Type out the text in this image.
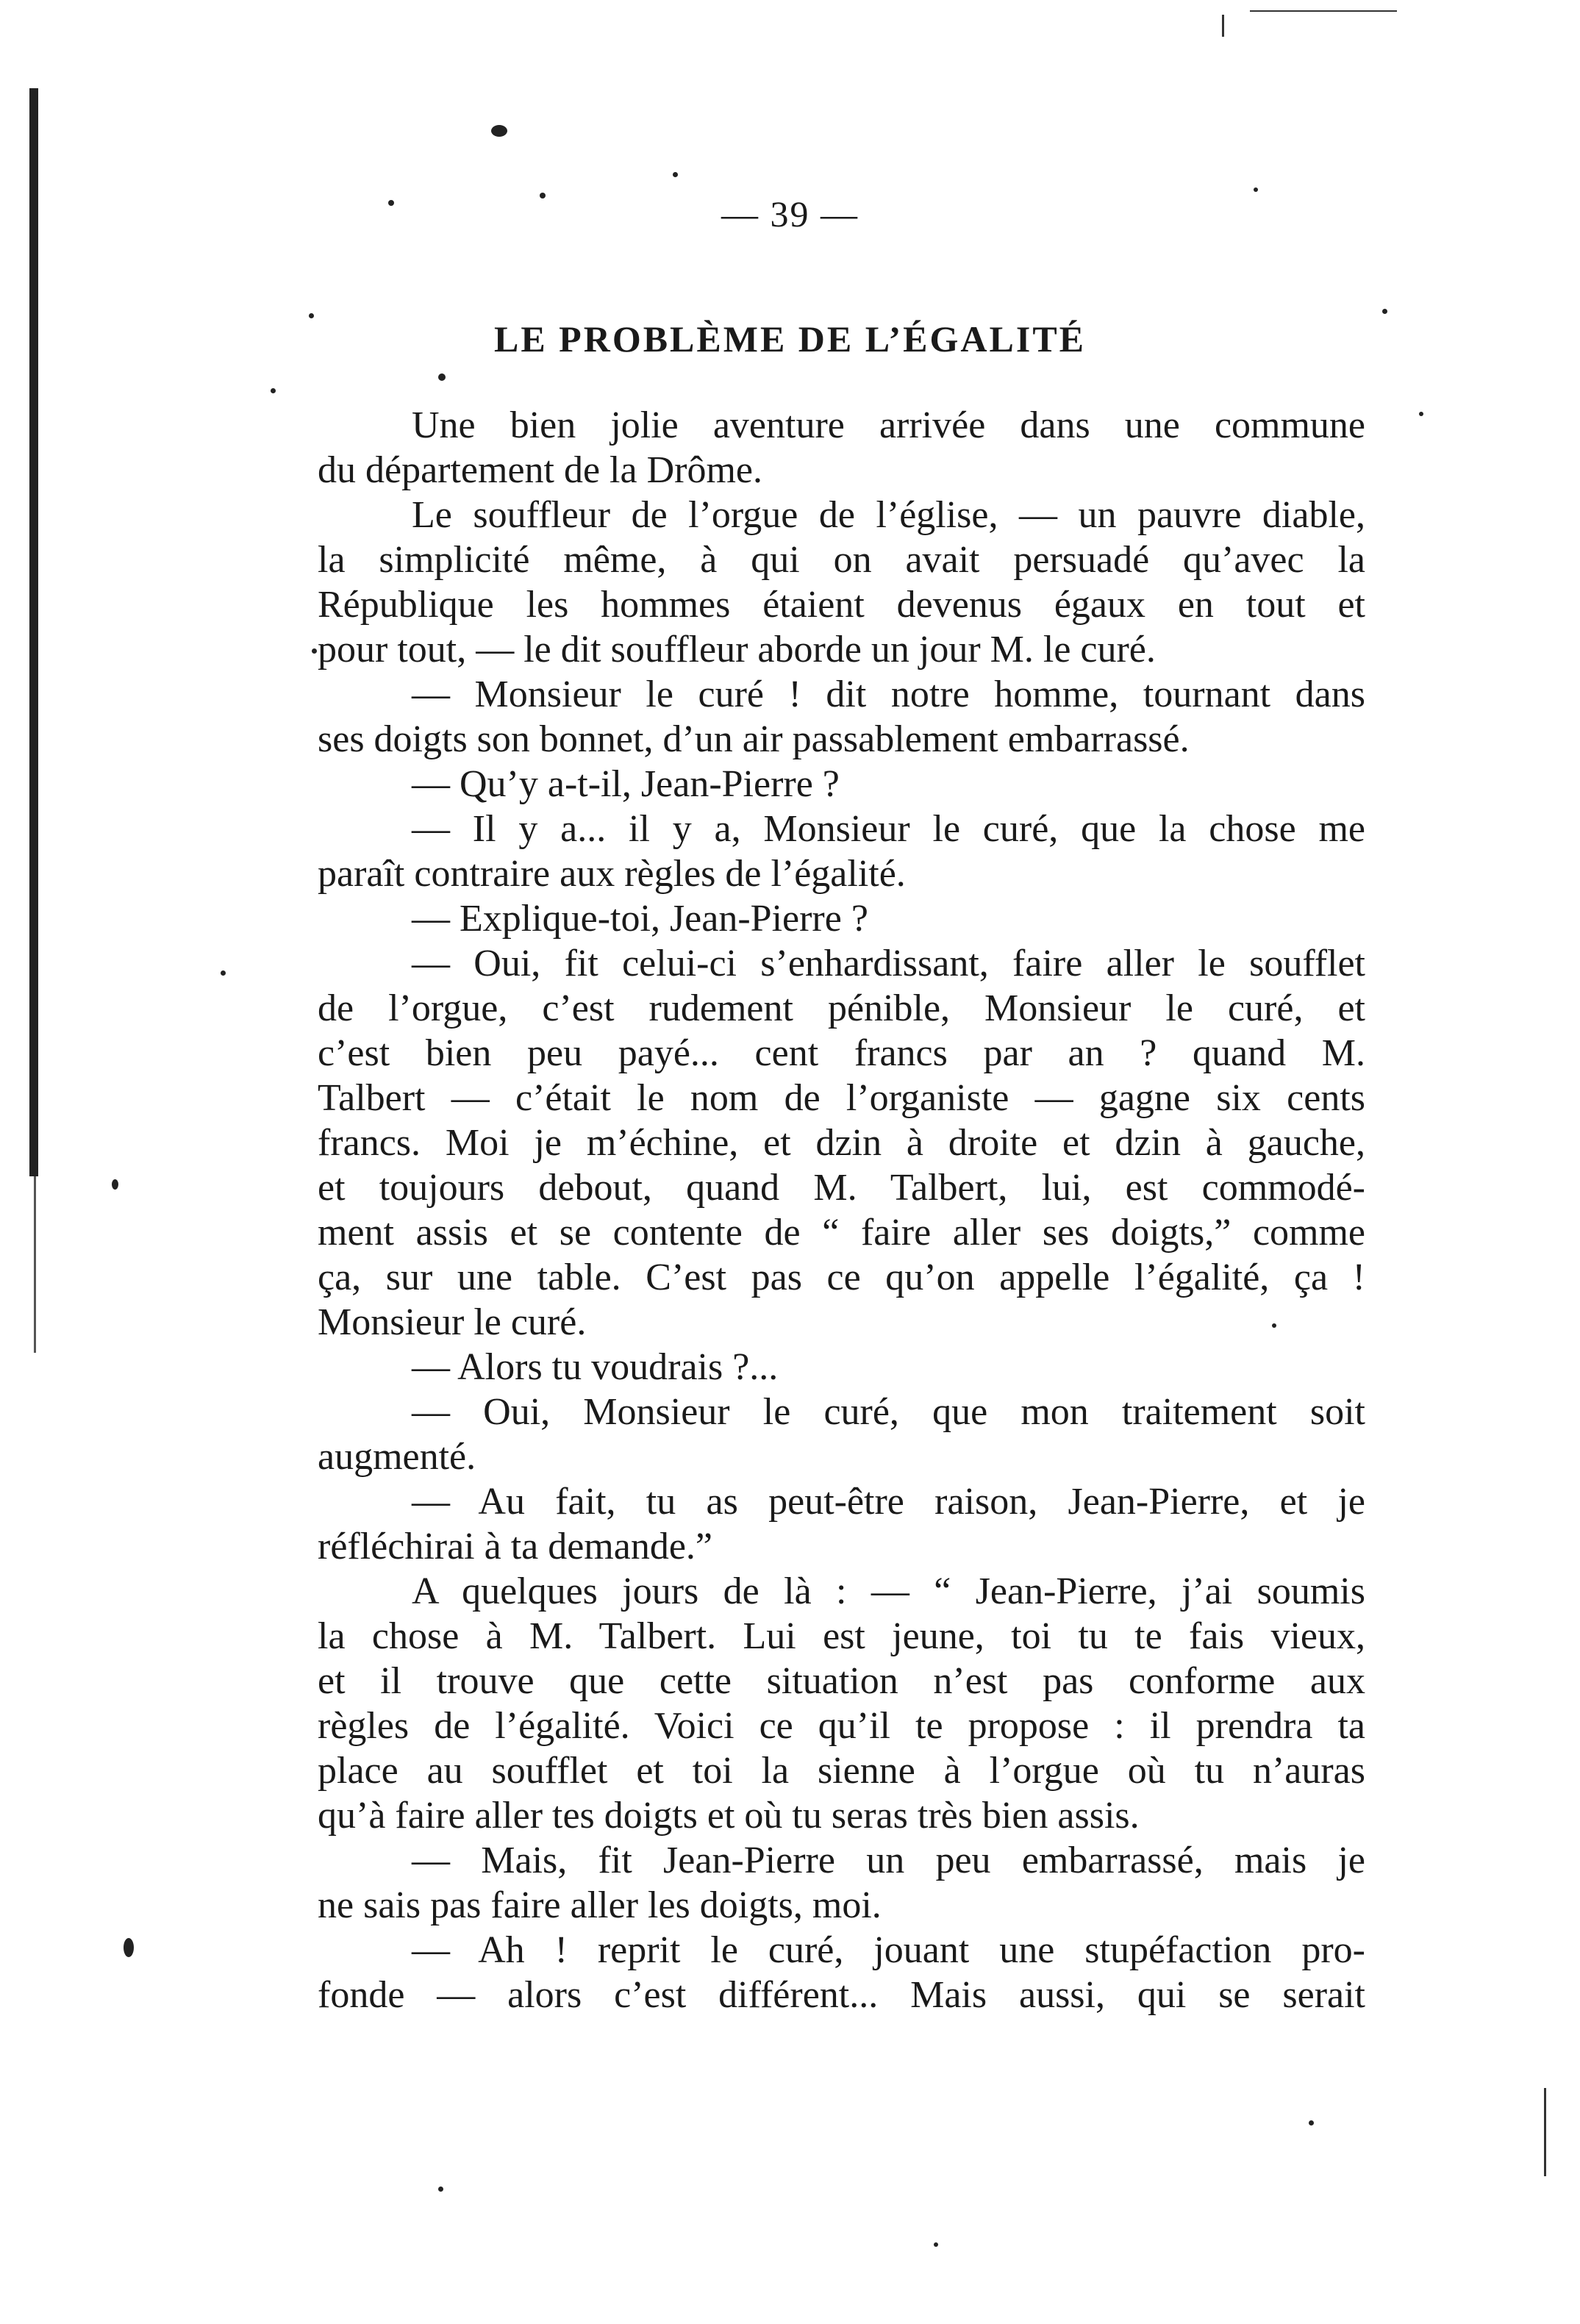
— 39 —
LE PROBLÈME DE L’ÉGALITÉ
Une bien jolie aventure arrivée dans une commune
du département de la Drôme.
Le souffleur de l’orgue de l’église, — un pauvre diable,
la simplicité même, à qui on avait persuadé qu’avec la
République les hommes étaient devenus égaux en tout et
pour tout, — le dit souffleur aborde un jour M. le curé.
— Monsieur le curé ! dit notre homme, tournant dans
ses doigts son bonnet, d’un air passablement embarrassé.
— Qu’y a-t-il, Jean-Pierre ?
— Il y a... il y a, Monsieur le curé, que la chose me
paraît contraire aux règles de l’égalité.
— Explique-toi, Jean-Pierre ?
— Oui, fit celui-ci s’enhardissant, faire aller le soufflet
de l’orgue, c’est rudement pénible, Monsieur le curé, et
c’est bien peu payé... cent francs par an ? quand M.
Talbert — c’était le nom de l’organiste — gagne six cents
francs. Moi je m’échine, et dzin à droite et dzin à gauche,
et toujours debout, quand M. Talbert, lui, est commodé-
ment assis et se contente de “ faire aller ses doigts,” comme
ça, sur une table. C’est pas ce qu’on appelle l’égalité, ça !
Monsieur le curé.
— Alors tu voudrais ?...
— Oui, Monsieur le curé, que mon traitement soit
augmenté.
— Au fait, tu as peut-être raison, Jean-Pierre, et je
réfléchirai à ta demande.”
A quelques jours de là : — “ Jean-Pierre, j’ai soumis
la chose à M. Talbert. Lui est jeune, toi tu te fais vieux,
et il trouve que cette situation n’est pas conforme aux
règles de l’égalité. Voici ce qu’il te propose : il prendra ta
place au soufflet et toi la sienne à l’orgue où tu n’auras
qu’à faire aller tes doigts et où tu seras très bien assis.
— Mais, fit Jean-Pierre un peu embarrassé, mais je
ne sais pas faire aller les doigts, moi.
— Ah ! reprit le curé, jouant une stupéfaction pro-
fonde — alors c’est différent... Mais aussi, qui se serait
